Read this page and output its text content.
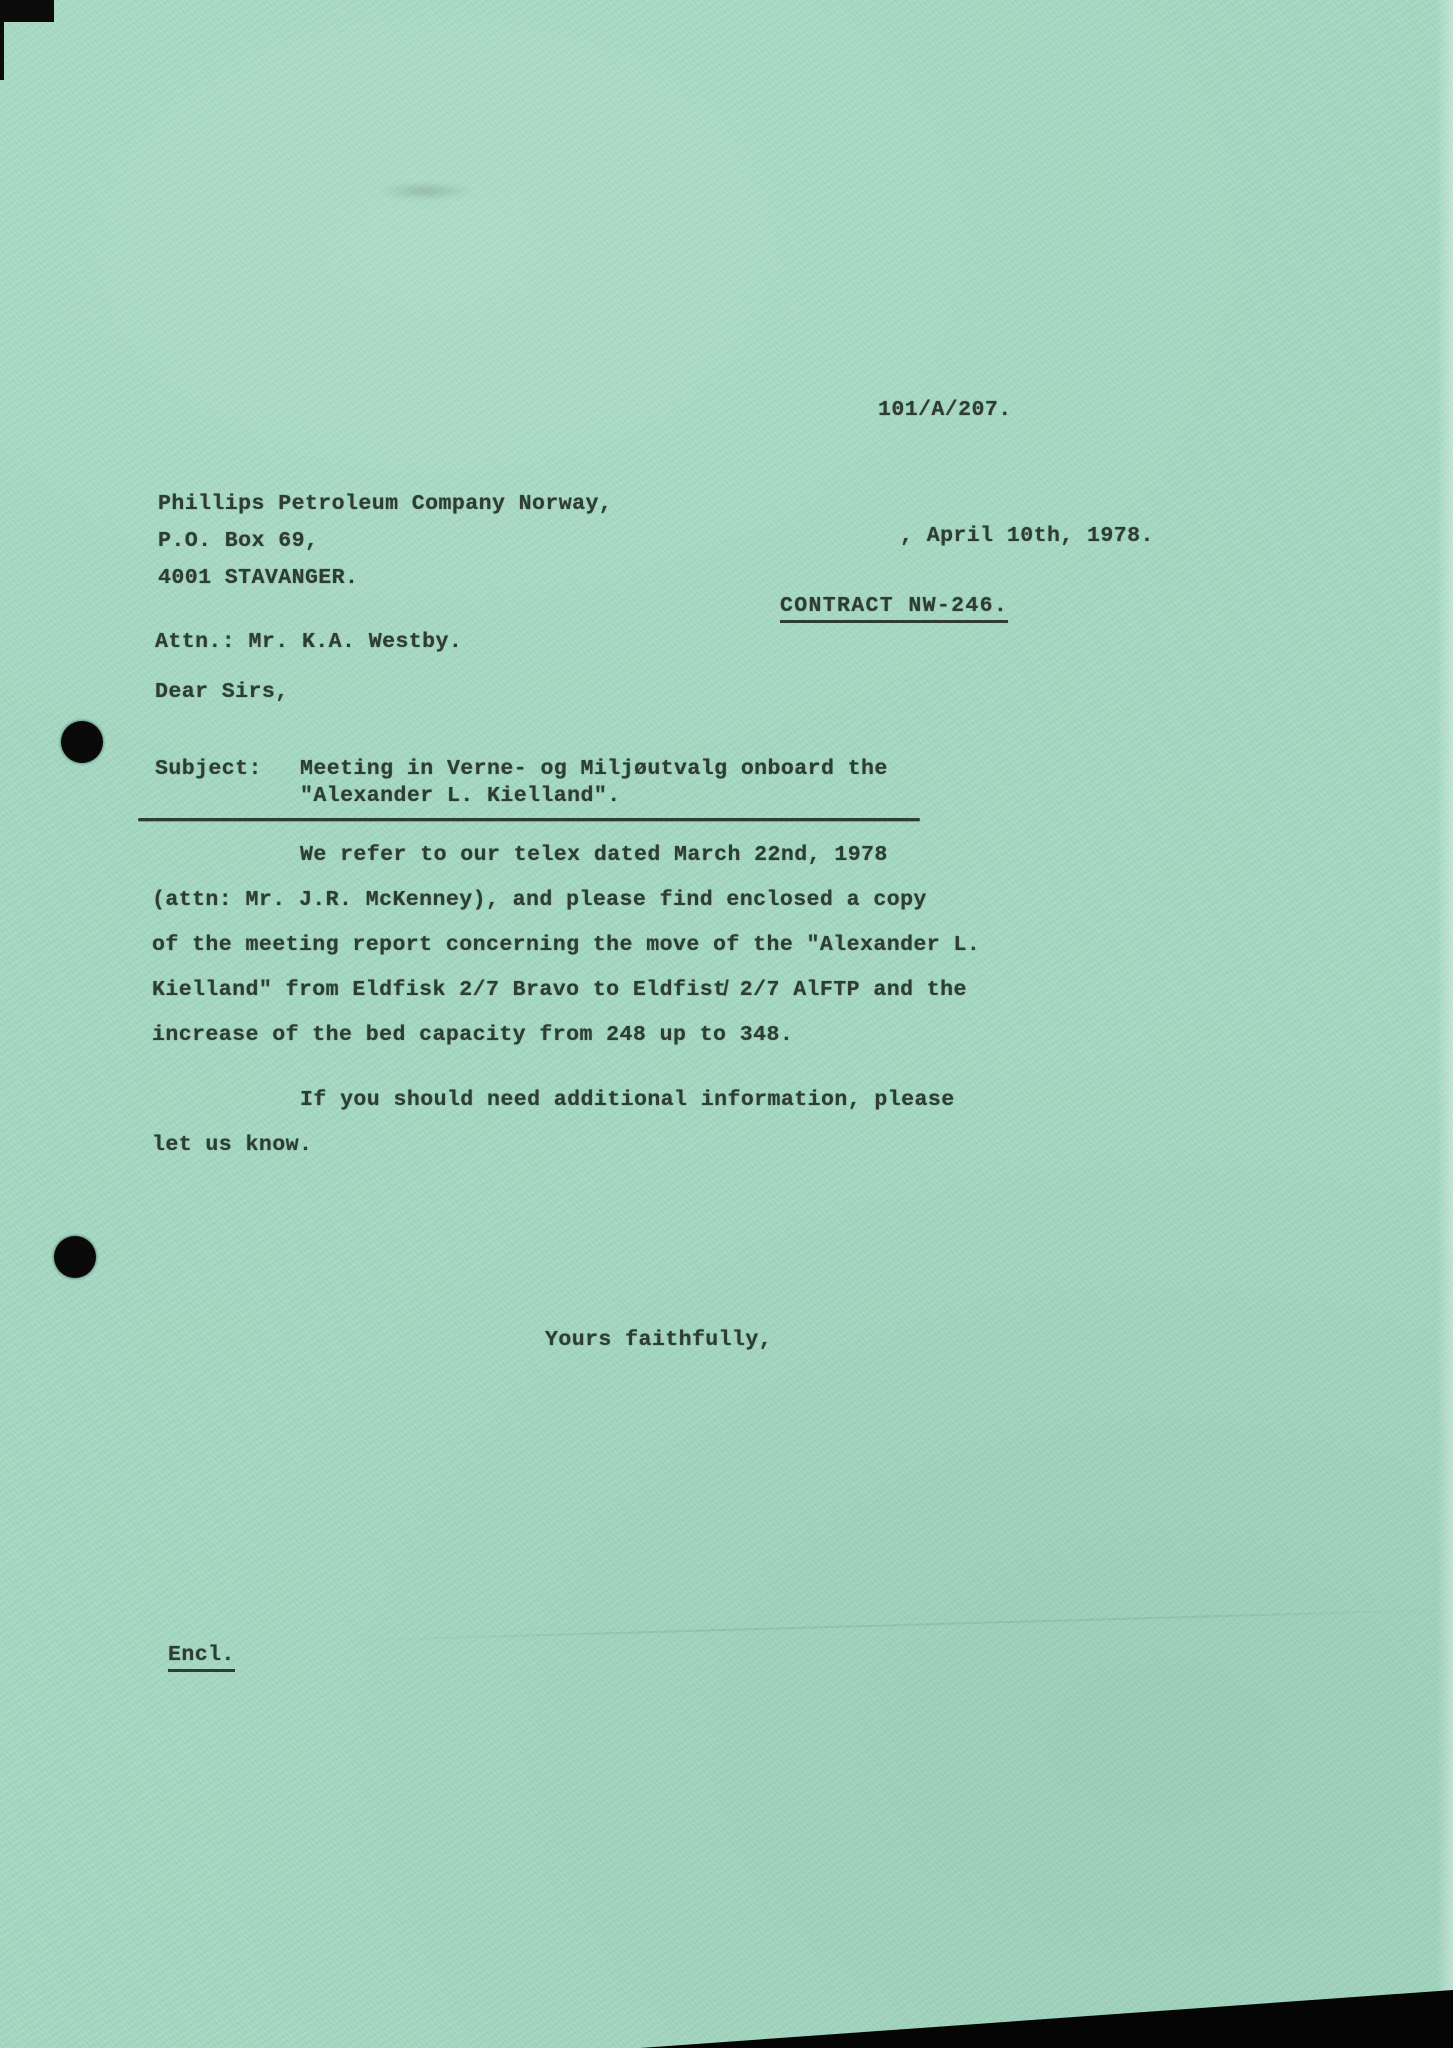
101/A/207.
Phillips Petroleum Company Norway,
P.O. Box 69,	, April 10th, 1978.
4001 STAVANGER.
CONTRACT NW-246.
Attn.: Mr. K.A. Westby.
Dear Sirs,
Subject: Meeting in Verne- og Miljøutvalg onboard the
"Alexander L. Kielland".
We refer to our telex dated March 22nd, 1978
(attn: Mr. J.R. McKenney), and please find enclosed a copy
of the meeting report concerning the move of the "Alexander L.
Kielland" from Eldfisk 2/7 Bravo to Eldfist̸ 2/7 AlFTP and the
increase of the bed capacity from 248 up to 348.
If you should need additional information, please
let us know.
Yours faithfully,
Encl.
